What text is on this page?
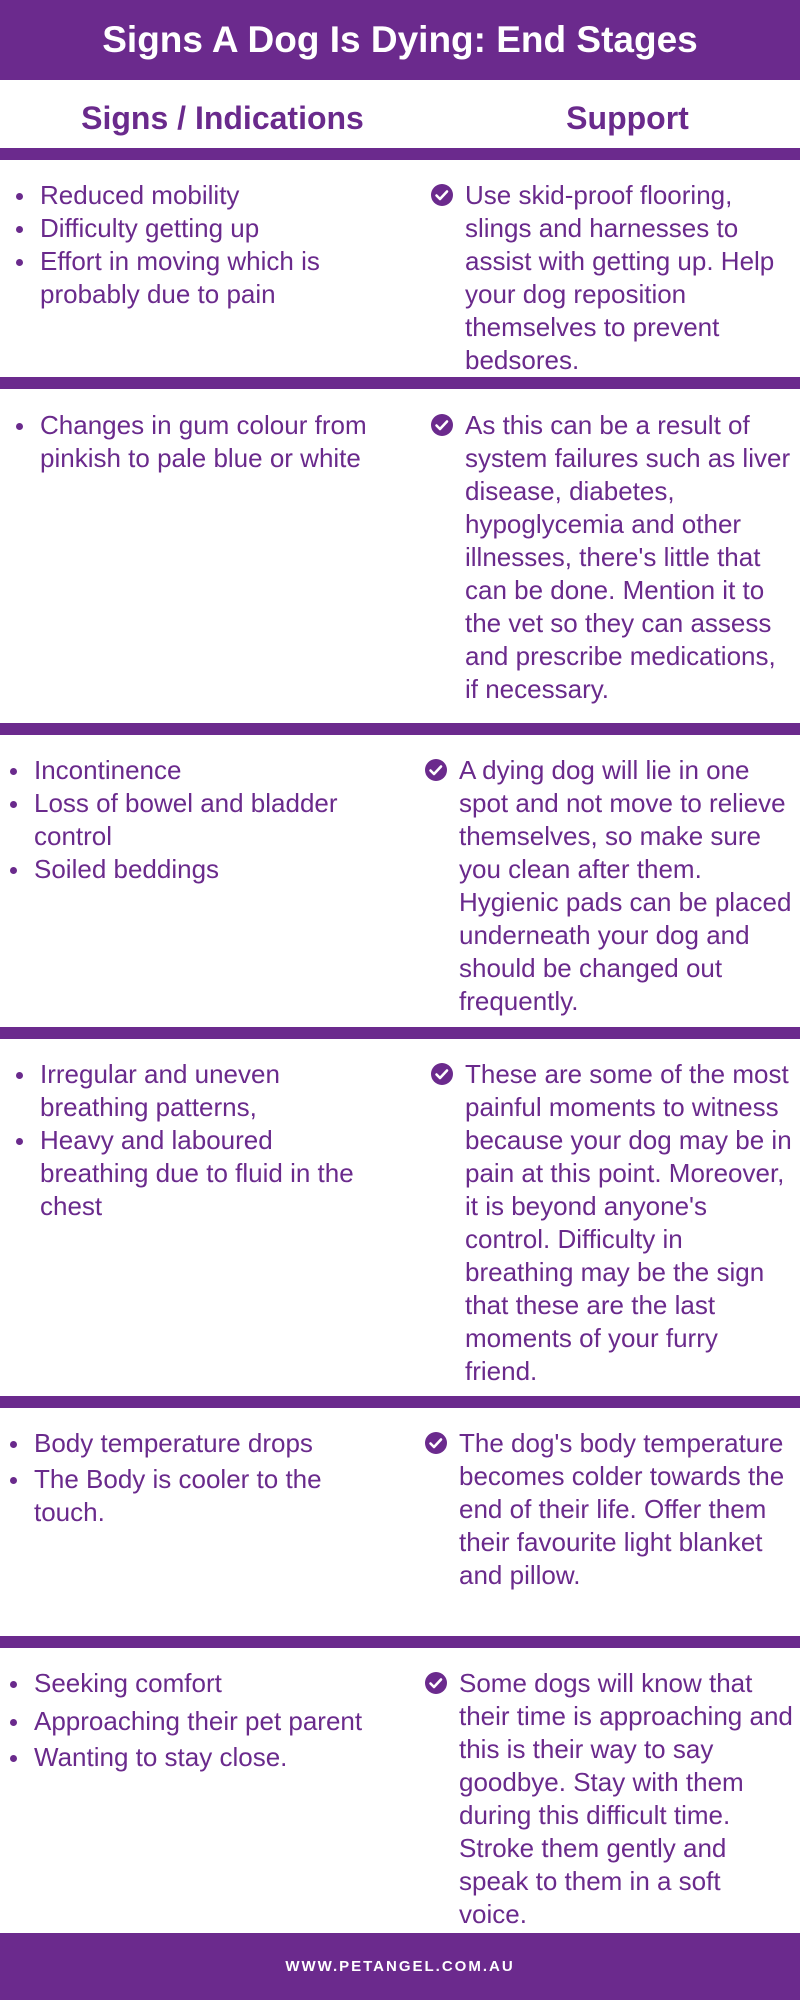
Signs A Dog Is Dying: End Stages
Signs / Indications	Support
Reduced mobility
Difficulty getting up
Effort in moving which is probably due to pain
Use skid-proof flooring, slings and harnesses to assist with getting up. Help your dog reposition themselves to prevent bedsores.
Changes in gum colour from pinkish to pale blue or white
As this can be a result of system failures such as liver disease, diabetes, hypoglycemia and other illnesses, there's little that can be done. Mention it to the vet so they can assess and prescribe medications, if necessary.
Incontinence
Loss of bowel and bladder control
Soiled beddings
A dying dog will lie in one spot and not move to relieve themselves, so make sure you clean after them. Hygienic pads can be placed underneath your dog and should be changed out frequently.
Irregular and uneven breathing patterns,
Heavy and laboured breathing due to fluid in the chest
These are some of the most painful moments to witness because your dog may be in pain at this point. Moreover, it is beyond anyone's control. Difficulty in breathing may be the sign that these are the last moments of your furry friend.
Body temperature drops
The Body is cooler to the touch.
The dog's body temperature becomes colder towards the end of their life. Offer them their favourite light blanket and pillow.
Seeking comfort
Approaching their pet parent
Wanting to stay close.
Some dogs will know that their time is approaching and this is their way to say goodbye. Stay with them during this difficult time. Stroke them gently and speak to them in a soft voice.
WWW.PETANGEL.COM.AU
